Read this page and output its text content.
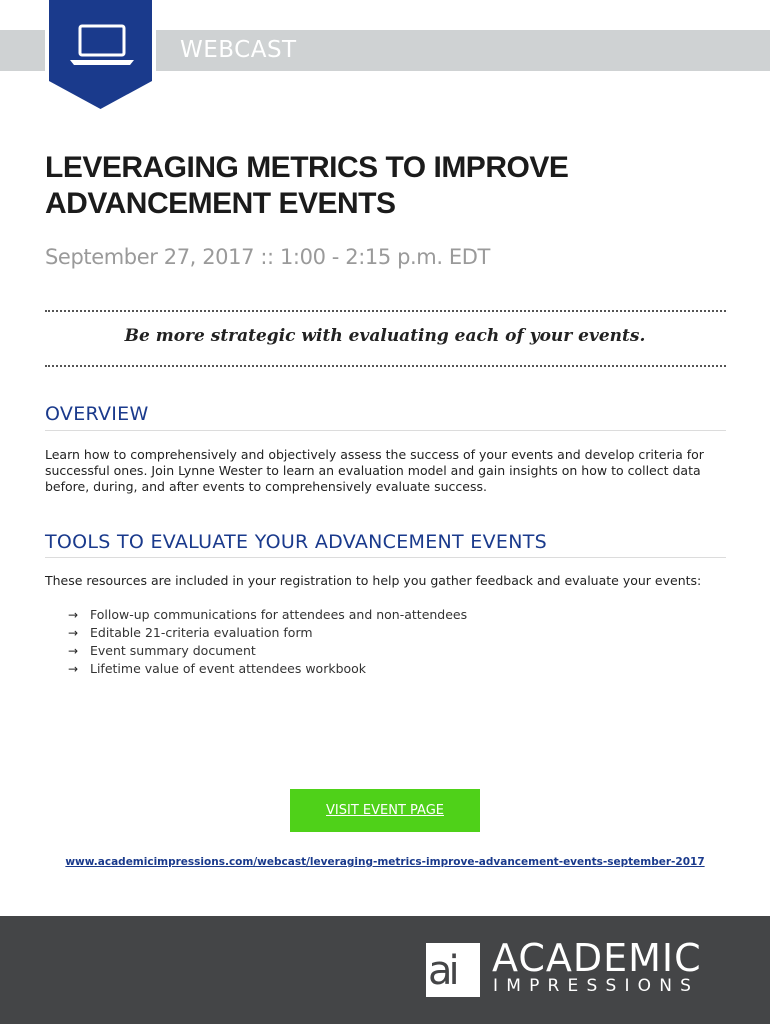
WEBCAST
LEVERAGING METRICS TO IMPROVE
ADVANCEMENT EVENTS
September 27, 2017 :: 1:00 - 2:15 p.m. EDT
Be more strategic with evaluating each of your events.
OVERVIEW
Learn how to comprehensively and objectively assess the success of your events and develop criteria for successful ones. Join Lynne Wester to learn an evaluation model and gain insights on how to collect data before, during, and after events to comprehensively evaluate success.
TOOLS TO EVALUATE YOUR ADVANCEMENT EVENTS
These resources are included in your registration to help you gather feedback and evaluate your events:
→ Follow-up communications for attendees and non-attendees
→ Editable 21-criteria evaluation form
→ Event summary document
→ Lifetime value of event attendees workbook
VISIT EVENT PAGE
www.academicimpressions.com/webcast/leveraging-metrics-improve-advancement-events-september-2017
ai ACADEMIC
IMPRESSIONS
